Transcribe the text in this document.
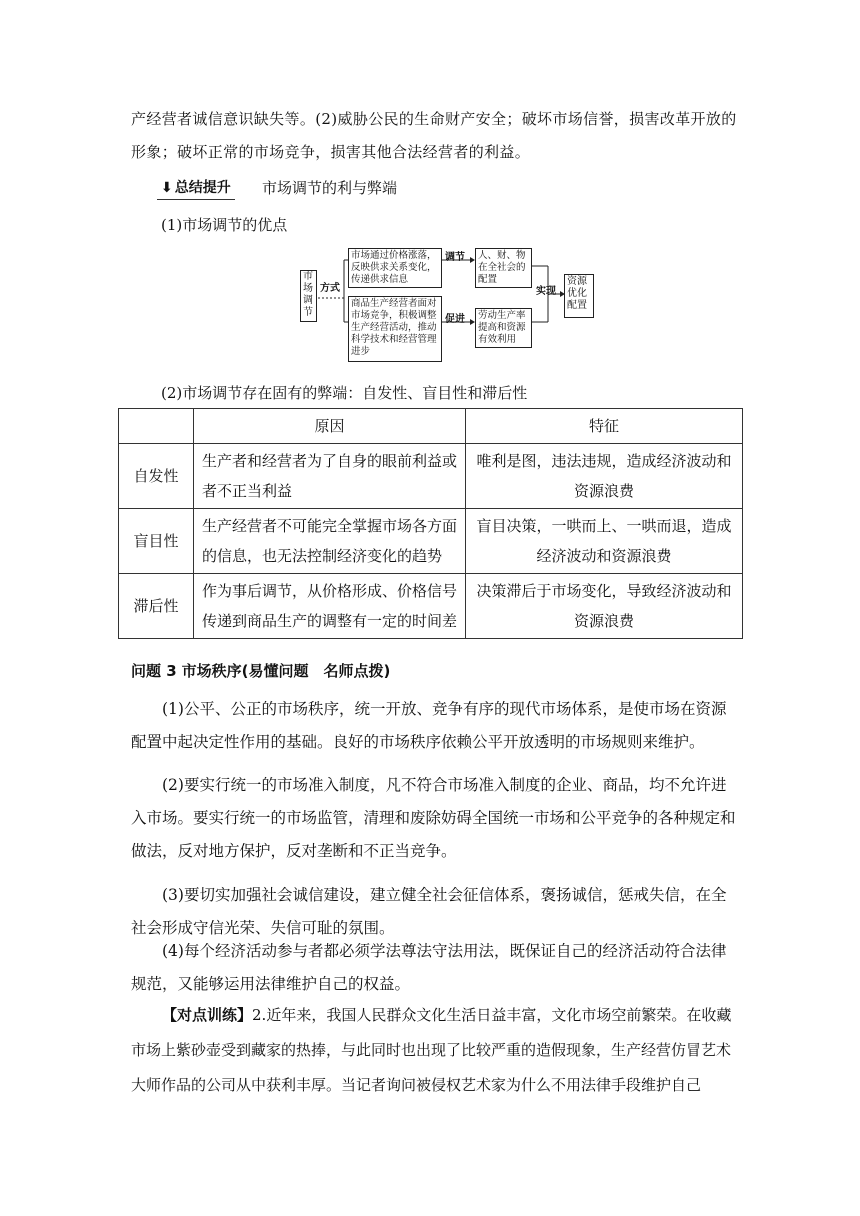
产经营者诚信意识缺失等。(2)威胁公民的生命财产安全；破坏市场信誉，损害改革开放的
形象；破坏正常的市场竞争，损害其他合法经营者的利益。
⬇ 总结提升 市场调节的利与弊端
(1)市场调节的优点
市场调节
方式
市场通过价格涨落，反映供求关系变化，传递供求信息
调节	人、财、物在全社会的配置
商品生产经营者面对市场竞争，积极调整生产经营活动，推动科学技术和经营管理进步
促进	劳动生产率提高和资源有效利用
实现
资源优化配置
(2)市场调节存在固有的弊端：自发性、盲目性和滞后性
	原因	特征
自发性	生产者和经营者为了自身的眼前利益或者不正当利益	唯利是图，违法违规，造成经济波动和资源浪费
盲目性	生产经营者不可能完全掌握市场各方面的信息，也无法控制经济变化的趋势	盲目决策，一哄而上、一哄而退，造成经济波动和资源浪费
滞后性	作为事后调节，从价格形成、价格信号传递到商品生产的调整有一定的时间差	决策滞后于市场变化，导致经济波动和资源浪费
问题 3 市场秩序(易懂问题　名师点拨)
(1)公平、公正的市场秩序，统一开放、竞争有序的现代市场体系，是使市场在资源配置中起决定性作用的基础。良好的市场秩序依赖公平开放透明的市场规则来维护。
(2)要实行统一的市场准入制度，凡不符合市场准入制度的企业、商品，均不允许进入市场。要实行统一的市场监管，清理和废除妨碍全国统一市场和公平竞争的各种规定和做法，反对地方保护，反对垄断和不正当竞争。
(3)要切实加强社会诚信建设，建立健全社会征信体系，褒扬诚信，惩戒失信，在全社会形成守信光荣、失信可耻的氛围。
(4)每个经济活动参与者都必须学法尊法守法用法，既保证自己的经济活动符合法律规范，又能够运用法律维护自己的权益。
【对点训练】2.近年来，我国人民群众文化生活日益丰富，文化市场空前繁荣。在收藏市场上紫砂壶受到藏家的热捧，与此同时也出现了比较严重的造假现象，生产经营仿冒艺术大师作品的公司从中获利丰厚。当记者询问被侵权艺术家为什么不用法律手段维护自己
